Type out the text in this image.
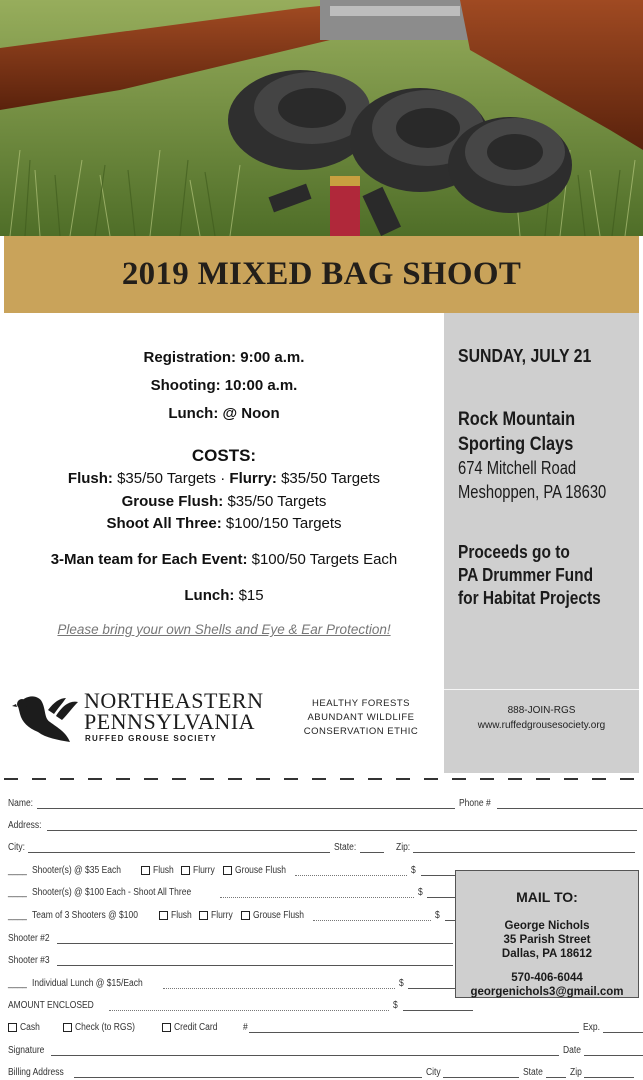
2019 MIXED BAG SHOOT
Registration: 9:00 a.m.
Shooting: 10:00 a.m.
Lunch: @ Noon
COSTS:
Flush: $35/50 Targets · Flurry: $35/50 Targets
Grouse Flush: $35/50 Targets
Shoot All Three: $100/150 Targets
3-Man team for Each Event: $100/50 Targets Each
Lunch: $15
Please bring your own Shells and Eye & Ear Protection!
SUNDAY, JULY 21
Rock Mountain
Sporting Clays
674 Mitchell Road
Meshoppen, PA 18630
Proceeds go to
PA Drummer Fund
for Habitat Projects
888-JOIN-RGS
www.ruffedgrousesociety.org
NORTHEASTERN
PENNSYLVANIA
RUFFED GROUSE SOCIETY
HEALTHY FORESTS
ABUNDANT WILDLIFE
CONSERVATION ETHIC
Name:	Phone #
Address:
City:	State:	Zip:
____ Shooter(s) @ $35 Each	Flush Flurry Grouse Flush	$
____ Shooter(s) @ $100 Each - Shoot All Three	$
____ Team of 3 Shooters @ $100	Flush Flurry Grouse Flush	$
Shooter #2
Shooter #3
____ Individual Lunch @ $15/Each	$
AMOUNT ENCLOSED	$
Cash	Check (to RGS)	Credit Card	#	Exp.
Signature	Date
Billing Address	City	State	Zip
MAIL TO:
George Nichols
35 Parish Street
Dallas, PA 18612
570-406-6044
georgenichols3@gmail.com
